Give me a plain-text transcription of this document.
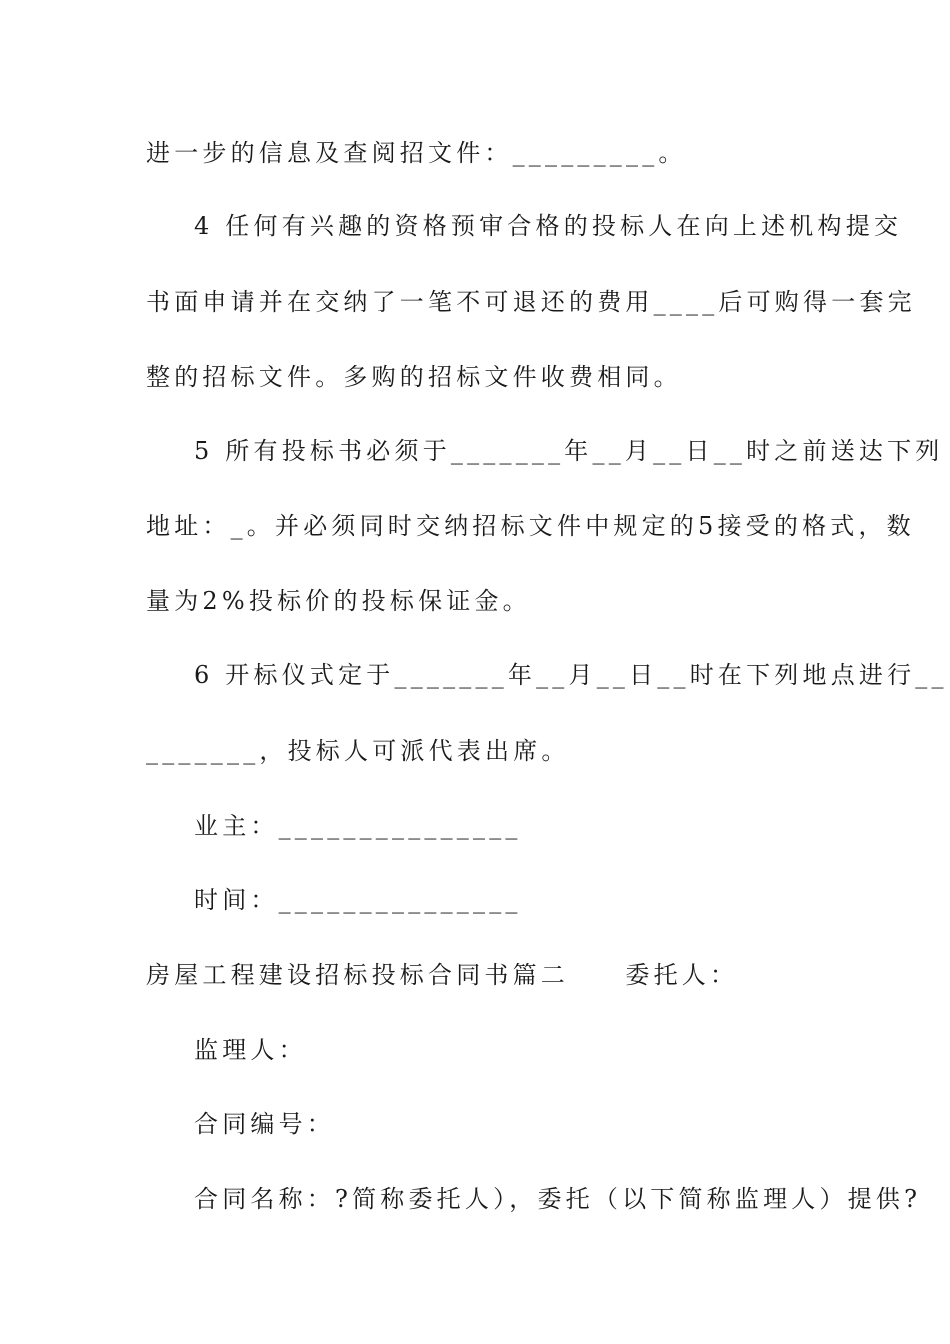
进一步的信息及查阅招文件：_________。
4 任何有兴趣的资格预审合格的投标人在向上述机构提交
书面申请并在交纳了一笔不可退还的费用____后可购得一套完
整的招标文件。多购的招标文件收费相同。
5 所有投标书必须于_______年__月__日__时之前送达下列
地址：_。并必须同时交纳招标文件中规定的5接受的格式，数
量为2%投标价的投标保证金。
6 开标仪式定于_______年__月__日__时在下列地点进行__
_______，投标人可派代表出席。
业主：_______________
时间：_______________
房屋工程建设招标投标合同书篇二　　委托人：
监理人：
合同编号：
合同名称：?简称委托人），委托（以下简称监理人）提供?
